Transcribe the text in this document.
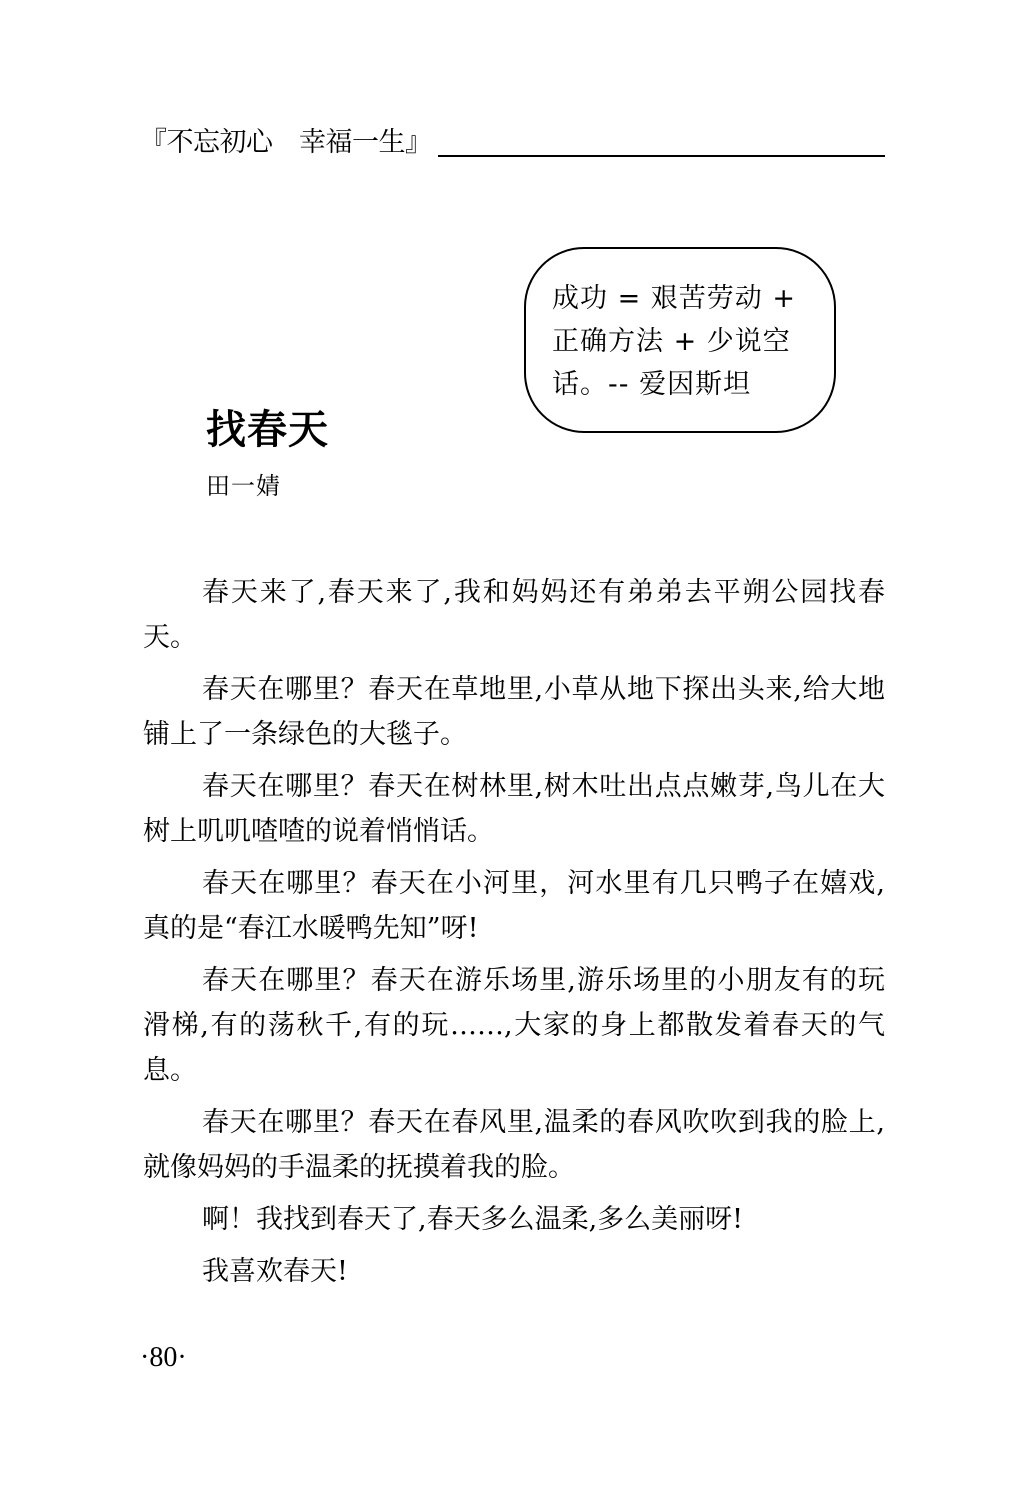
『不忘初心　幸福一生』
成功 = 艰苦劳动 +
正确方法 + 少说空
话。-- 爱因斯坦
找春天
田一婧

春天来了,春天来了,我和妈妈还有弟弟去平朔公园找春天。

春天在哪里？春天在草地里,小草从地下探出头来,给大地铺上了一条绿色的大毯子。

春天在哪里？春天在树林里,树木吐出点点嫩芽,鸟儿在大树上叽叽喳喳的说着悄悄话。

春天在哪里？春天在小河里，河水里有几只鸭子在嬉戏,真的是“春江水暖鸭先知”呀!

春天在哪里？春天在游乐场里,游乐场里的小朋友有的玩滑梯,有的荡秋千,有的玩……,大家的身上都散发着春天的气息。

春天在哪里？春天在春风里,温柔的春风吹吹到我的脸上,就像妈妈的手温柔的抚摸着我的脸。

啊！我找到春天了,春天多么温柔,多么美丽呀!

我喜欢春天!

·80·
